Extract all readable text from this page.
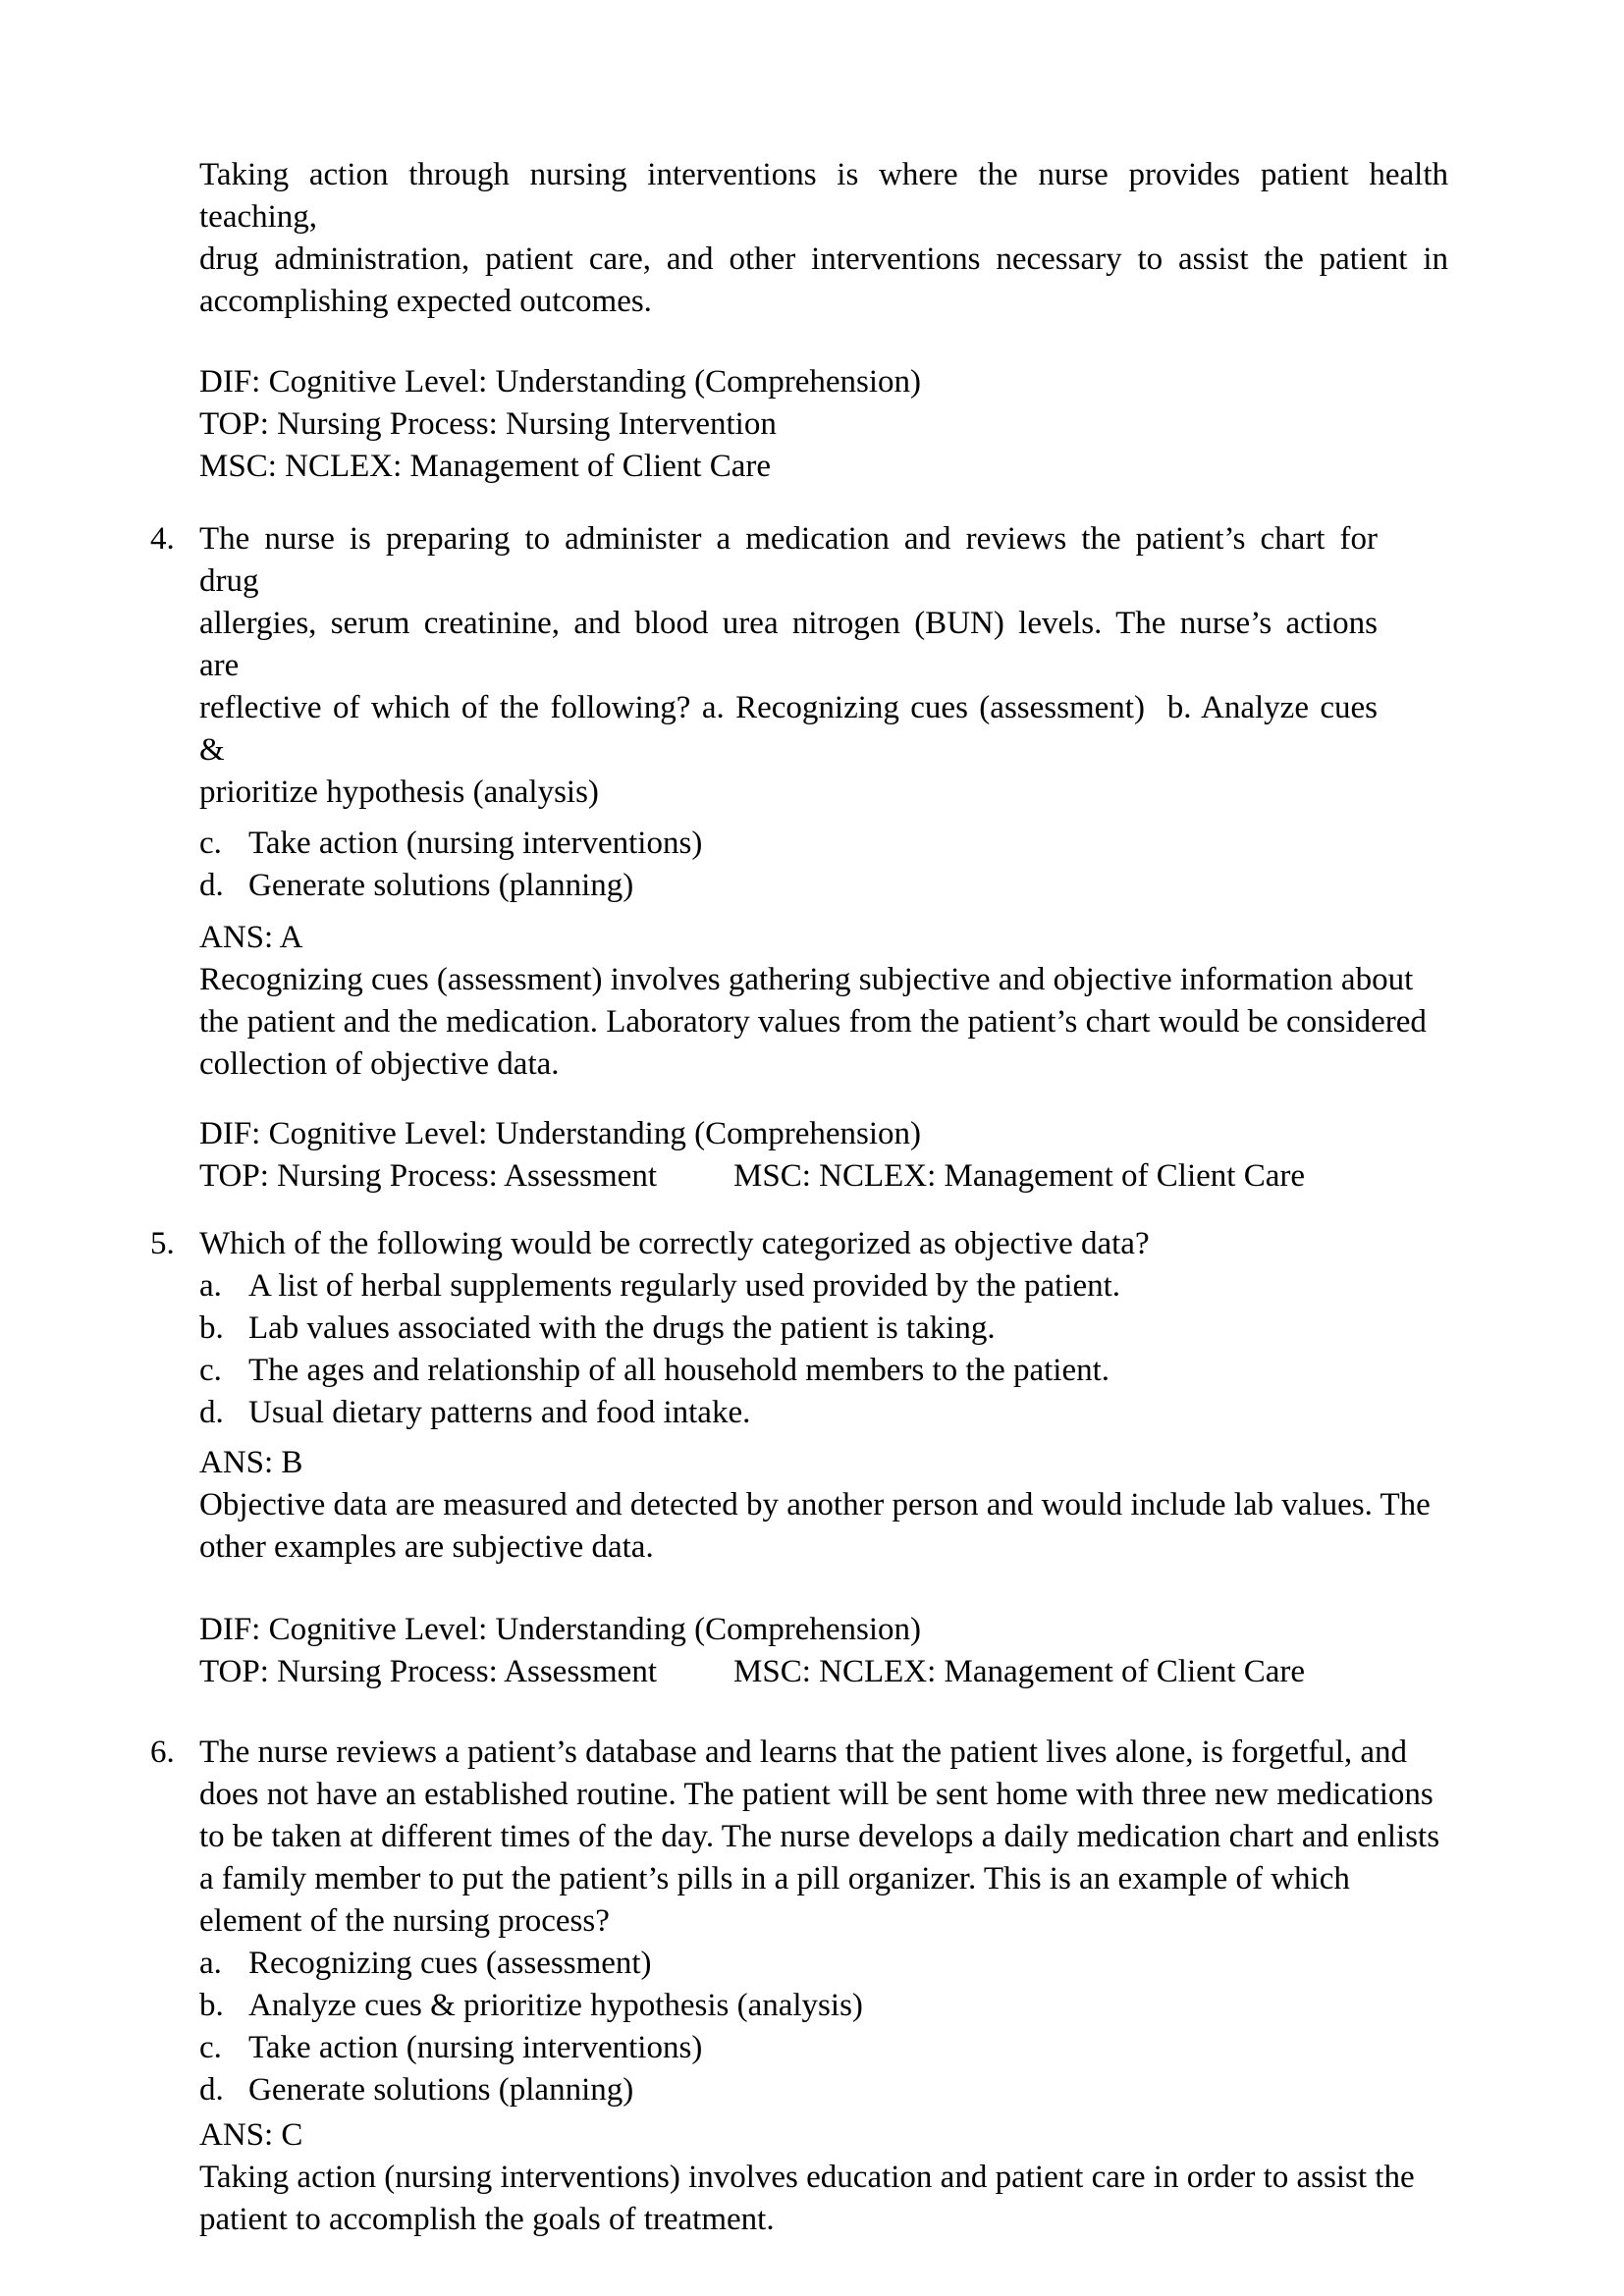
Taking action through nursing interventions is where the nurse provides patient health teaching,
drug administration, patient care, and other interventions necessary to assist the patient in
accomplishing expected outcomes.
DIF: Cognitive Level: Understanding (Comprehension)
TOP: Nursing Process: Nursing Intervention
MSC: NCLEX: Management of Client Care
4. The nurse is preparing to administer a medication and reviews the patient’s chart for drug
allergies, serum creatinine, and blood urea nitrogen (BUN) levels. The nurse’s actions are
reflective of which of the following? a. Recognizing cues (assessment)  b. Analyze cues &
prioritize hypothesis (analysis)
c. Take action (nursing interventions)
d. Generate solutions (planning)
ANS: A
Recognizing cues (assessment) involves gathering subjective and objective information about
the patient and the medication. Laboratory values from the patient’s chart would be considered
collection of objective data.
DIF: Cognitive Level: Understanding (Comprehension)
TOP: Nursing Process: Assessment MSC: NCLEX: Management of Client Care
5. Which of the following would be correctly categorized as objective data?
a. A list of herbal supplements regularly used provided by the patient.
b. Lab values associated with the drugs the patient is taking.
c. The ages and relationship of all household members to the patient.
d. Usual dietary patterns and food intake.
ANS: B
Objective data are measured and detected by another person and would include lab values. The
other examples are subjective data.
DIF: Cognitive Level: Understanding (Comprehension)
TOP: Nursing Process: Assessment MSC: NCLEX: Management of Client Care
6. The nurse reviews a patient’s database and learns that the patient lives alone, is forgetful, and
does not have an established routine. The patient will be sent home with three new medications
to be taken at different times of the day. The nurse develops a daily medication chart and enlists
a family member to put the patient’s pills in a pill organizer. This is an example of which
element of the nursing process?
a. Recognizing cues (assessment)
b. Analyze cues & prioritize hypothesis (analysis)
c. Take action (nursing interventions)
d. Generate solutions (planning)
ANS: C
Taking action (nursing interventions) involves education and patient care in order to assist the
patient to accomplish the goals of treatment.
